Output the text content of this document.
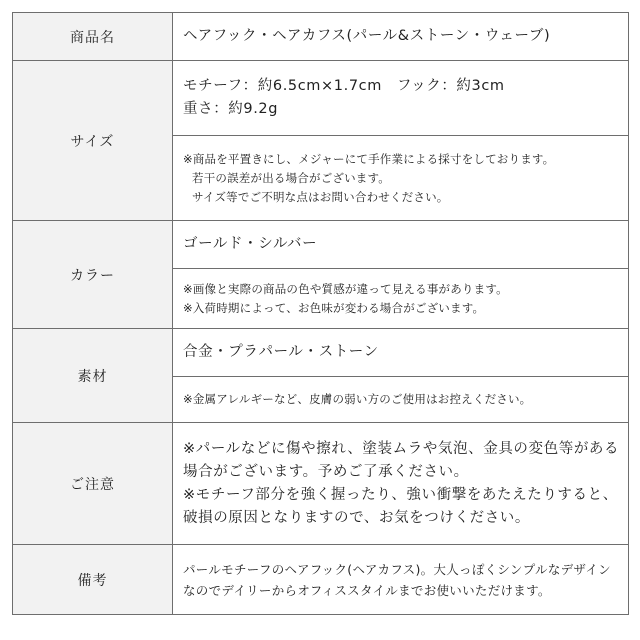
商品名	ヘアフック・ヘアカフス(パール&ストーン・ウェーブ)
サイズ	モチーフ：約6.5cm×1.7cm　フック：約3cm
重さ：約9.2g

	※商品を平置きにし、メジャーにて手作業による採寸をしております。
若干の誤差が出る場合がございます。
サイズ等でご不明な点はお問い合わせください。

カラー	ゴールド・シルバー

	※画像と実際の商品の色や質感が違って見える事があります。
※入荷時期によって、お色味が変わる場合がございます。

素材	合金・プラパール・ストーン
	※金属アレルギーなど、皮膚の弱い方のご使用はお控えください。
ご注意	※パールなどに傷や擦れ、塗装ムラや気泡、金具の変色等がある場合がございます。予めご了承ください。
※モチーフ部分を強く握ったり、強い衝撃をあたえたりすると、破損の原因となりますので、お気をつけください。

備考	パールモチーフのヘアフック(ヘアカフス)。大人っぽくシンプルなデザインなのでデイリーからオフィススタイルまでお使いいただけます。
